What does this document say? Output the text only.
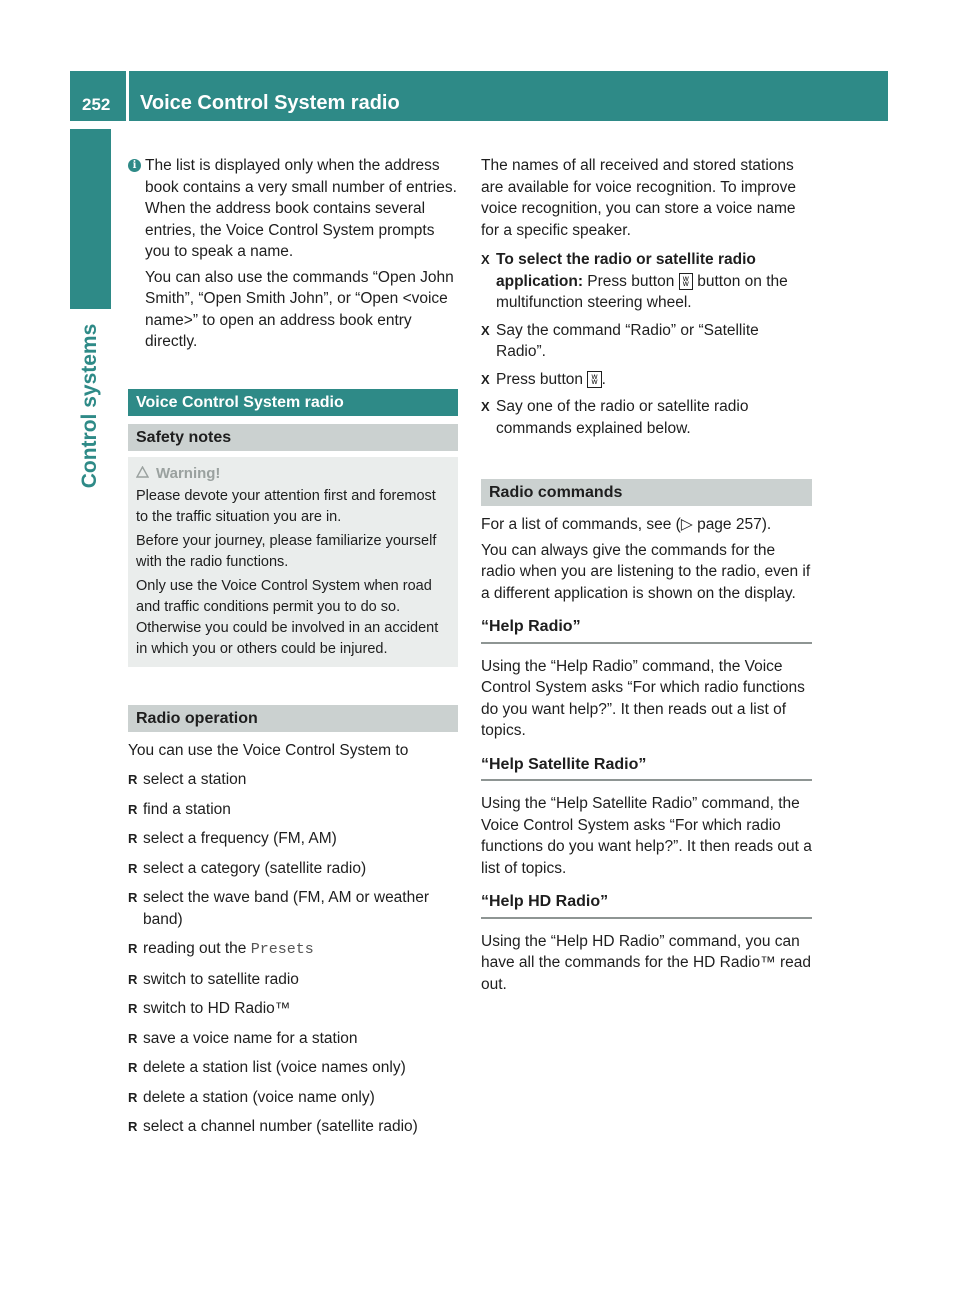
252 Voice Control System radio
Control systems
i The list is displayed only when the address book contains a very small number of entries. When the address book contains several entries, the Voice Control System prompts you to speak a name.

You can also use the commands “Open John Smith”, “Open Smith John”, or “Open <voice name>” to open an address book entry directly.

Voice Control System radio
Safety notes
Warning!

Please devote your attention first and foremost to the traffic situation you are in.

Before your journey, please familiarize yourself with the radio functions.

Only use the Voice Control System when road and traffic conditions permit you to do so. Otherwise you could be involved in an accident in which you or others could be injured.

Radio operation

You can use the Voice Control System to

R select a station
R find a station
R select a frequency (FM, AM)
R select a category (satellite radio)
R select the wave band (FM, AM or weather band)
R reading out the Presets
R switch to satellite radio
R switch to HD Radio™
R save a voice name for a station
R delete a station list (voice names only)
R delete a station (voice name only)
R select a channel number (satellite radio)

The names of all received and stored stations are available for voice recognition. To improve voice recognition, you can store a voice name for a specific speaker.

X To select the radio or satellite radio application: Press button ʬ button on the multifunction steering wheel.
X Say the command “Radio” or “Satellite Radio”.
X Press button ʬ .
X Say one of the radio or satellite radio commands explained below.
Radio commands

For a list of commands, see (▷ page 257).

You can always give the commands for the radio when you are listening to the radio, even if a different application is shown on the display.

“Help Radio”

Using the “Help Radio” command, the Voice Control System asks “For which radio functions do you want help?”. It then reads out a list of topics.

“Help Satellite Radio”

Using the “Help Satellite Radio” command, the Voice Control System asks “For which radio functions do you want help?”. It then reads out a list of topics.

“Help HD Radio”

Using the “Help HD Radio” command, you can have all the commands for the HD Radio™ read out.
